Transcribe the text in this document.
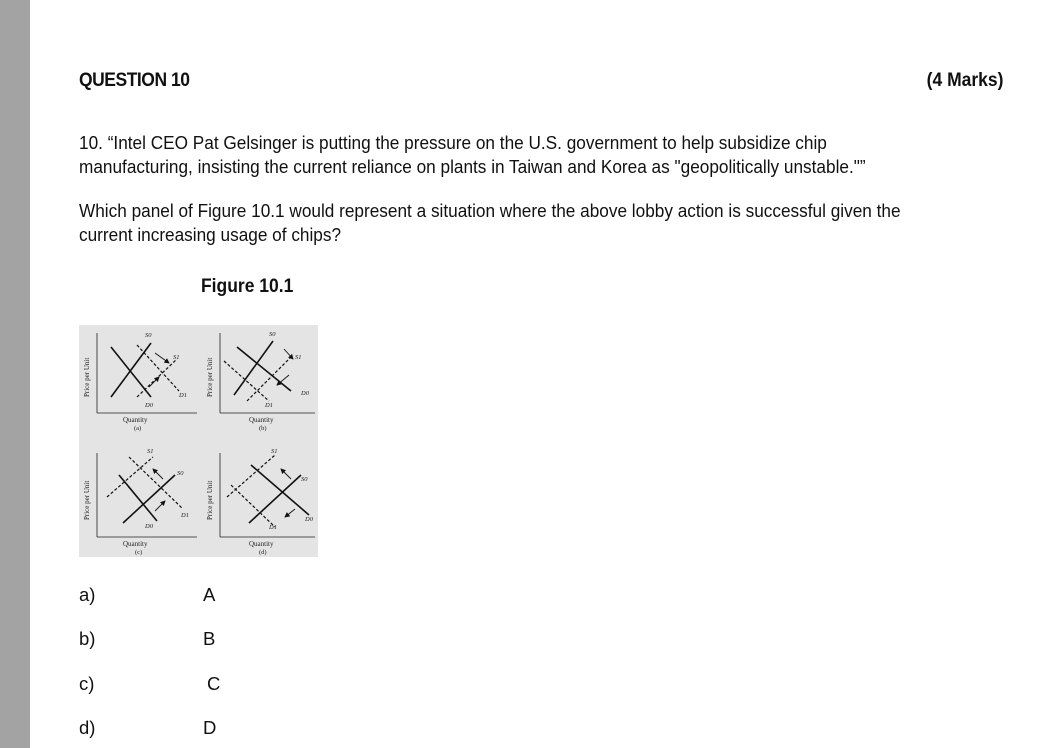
QUESTION 10	(4 Marks)
10. “Intel CEO Pat Gelsinger is putting the pressure on the U.S. government to help subsidize chip
manufacturing, insisting the current reliance on plants in Taiwan and Korea as "geopolitically unstable."”
Which panel of Figure 10.1 would represent a situation where the above lobby action is successful given the
current increasing usage of chips?
Figure 10.1
Price per Unit
S0
S1
D0
D1
Quantity
(a)
Price per Unit
S0
S1
D0
D1
Quantity
(b)
Price per Unit
S1
S0
D0
D1
Quantity
(c)
Price per Unit
S1
S0
D0
D1
Quantity
(d)
a)	A
b)	B
c)	C
d)	D
